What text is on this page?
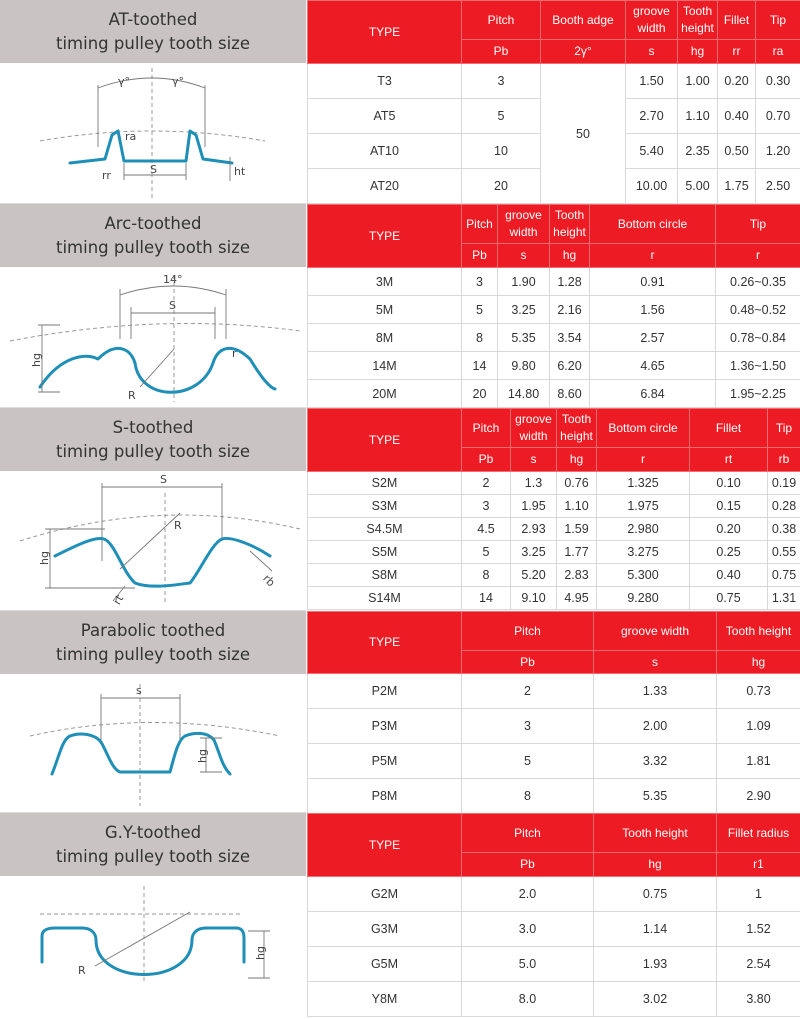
AT-toothed
timing pulley tooth size
γ°	γ°
ra
rr	S	ht
TYPE	Pitch	Booth adge	groove width	Tooth height	Fillet	Tip
	Pb	2γ°	s	hg	rr	ra
T3	3	50	1.50	1.00	0.20	0.30
AT5	5		2.70	1.10	0.40	0.70
AT10	10		5.40	2.35	0.50	1.20
AT20	20		10.00	5.00	1.75	2.50
Arc-toothed
timing pulley tooth size
14°
S
hg
R
r
TYPE	Pitch	groove width	Tooth height	Bottom circle	Tip
	Pb	s	hg	r	r
3M	3	1.90	1.28	0.91	0.26~0.35
5M	5	3.25	2.16	1.56	0.48~0.52
8M	8	5.35	3.54	2.57	0.78~0.84
14M	14	9.80	6.20	4.65	1.36~1.50
20M	20	14.80	8.60	6.84	1.95~2.25
S-toothed
timing pulley tooth size
S
hg
R
rb
rt
TYPE	Pitch	groove width	Tooth height	Bottom circle	Fillet	Tip
	Pb	s	hg	r	rt	rb
S2M	2	1.3	0.76	1.325	0.10	0.19
S3M	3	1.95	1.10	1.975	0.15	0.28
S4.5M	4.5	2.93	1.59	2.980	0.20	0.38
S5M	5	3.25	1.77	3.275	0.25	0.55
S8M	8	5.20	2.83	5.300	0.40	0.75
S14M	14	9.10	4.95	9.280	0.75	1.31
Parabolic toothed
timing pulley tooth size
s
hg
TYPE	Pitch	groove width	Tooth height
	Pb	s	hg
P2M	2	1.33	0.73
P3M	3	2.00	1.09
P5M	5	3.32	1.81
P8M	8	5.35	2.90
G.Y-toothed
timing pulley tooth size
R
hg
TYPE	Pitch	Tooth height	Fillet radius
	Pb	hg	r1
G2M	2.0	0.75	1
G3M	3.0	1.14	1.52
G5M	5.0	1.93	2.54
Y8M	8.0	3.02	3.80
